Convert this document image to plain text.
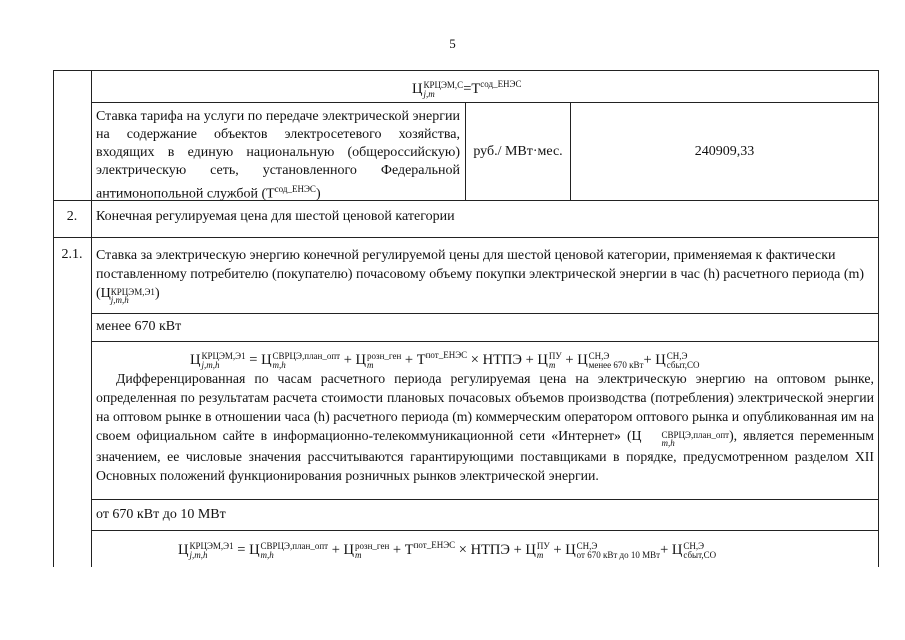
5
Ц КРЦЭМ,С
j,m	$=Т^{сод\_ЕНЭС}$
Ставка тарифа на услуги по передаче электрической энергии на содержание объектов электросетевого хозяйства, входящих в единую национальную (общероссийскую) электрическую сеть, установленного Федеральной антимонопольной службой $(Т^{сод\_ЕНЭС})$
руб./ МВт·мес.	240909,33
2.	Конечная регулируемая цена для шестой ценовой категории
2.1. Ставка за электрическую энергию конечной регулируемой цены для шестой ценовой категории, применяемая к фактически поставленному потребителю (покупателю) почасовому объему покупки электрической энергии в час (h) расчетного периода (m) (Ц КРЦЭМ,Э1
j,m,h	)
менее 670 кВт
Ц КРЦЭМ,Э1
j,m,h	= Ц СВРЦЭ,план_опт
m,h	+ Ц розн_ген
m	+ $Т^{пот\_ЕНЭС}$ × НТПЭ + Ц ПУ
m + Ц СН,Э
менее 670 кВт + Ц СН,Э
сбыт,СО
Дифференцированная по часам расчетного периода регулируемая цена на электрическую энергию на оптовом рынке, определенная по результатам расчета стоимости плановых почасовых объемов производства (потребления) электрической энергии на оптовом рынке в отношении часа (h) расчетного периода (m) коммерческим оператором оптового рынка и опубликованная им на своем официальном сайте в информационно-телекоммуникационной сети «Интернет» (Ц	СВРЦЭ,план_опт
m,h	), является переменным значением, ее числовые значения рассчитываются гарантирующими поставщиками в порядке, предусмотренном разделом XII Основных положений функционирования розничных рынков электрической энергии.
от 670 кВт до 10 МВт
Ц КРЦЭМ,Э1
j,m,h	= Ц СВРЦЭ,план_опт
m,h	+ Ц розн_ген
m	+ $Т^{пот\_ЕНЭС}$ × НТПЭ + Ц ПУ
m + Ц СН,Э
от 670 кВт до 10 МВт + Ц СН,Э
сбыт,СО
